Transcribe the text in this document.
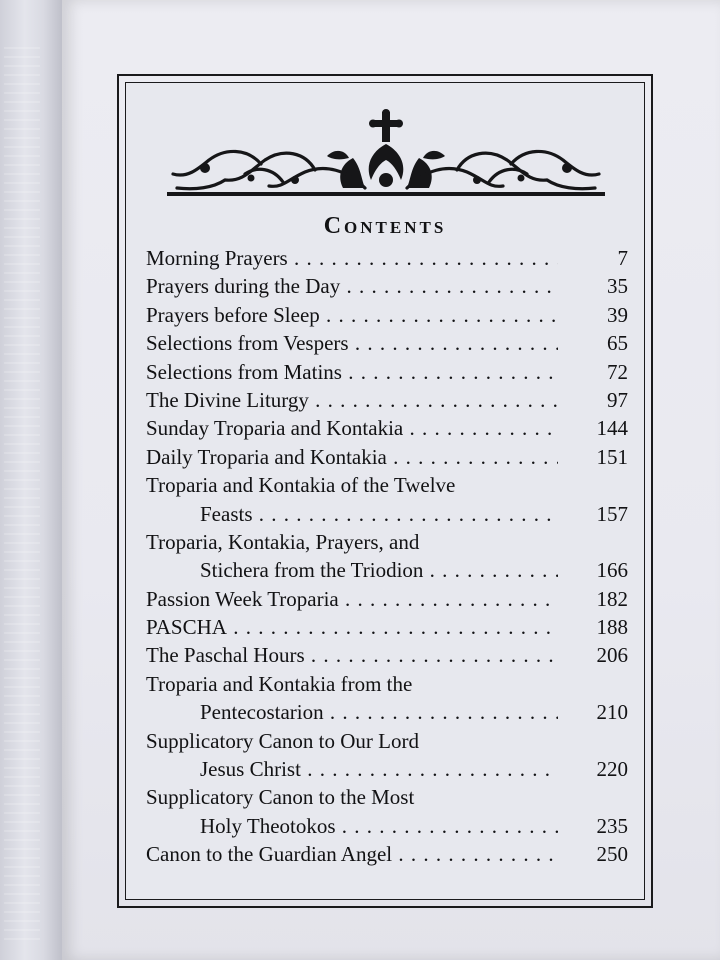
Contents
Morning Prayers . . .	7
Prayers during the Day . . .	35
Prayers before Sleep . . .	39
Selections from Vespers . . .	65
Selections from Matins . . .	72
The Divine Liturgy . . .	97
Sunday Troparia and Kontakia . . .	144
Daily Troparia and Kontakia . . .	151
Troparia and Kontakia of the Twelve
Feasts . . .	157
Troparia, Kontakia, Prayers, and
Stichera from the Triodion . . .	166
Passion Week Troparia . . .	182
PASCHA . . .	188
The Paschal Hours . . .	206
Troparia and Kontakia from the
Pentecostarion . . .	210
Supplicatory Canon to Our Lord
Jesus Christ . . .	220
Supplicatory Canon to the Most
Holy Theotokos . . .	235
Canon to the Guardian Angel . . .	250
